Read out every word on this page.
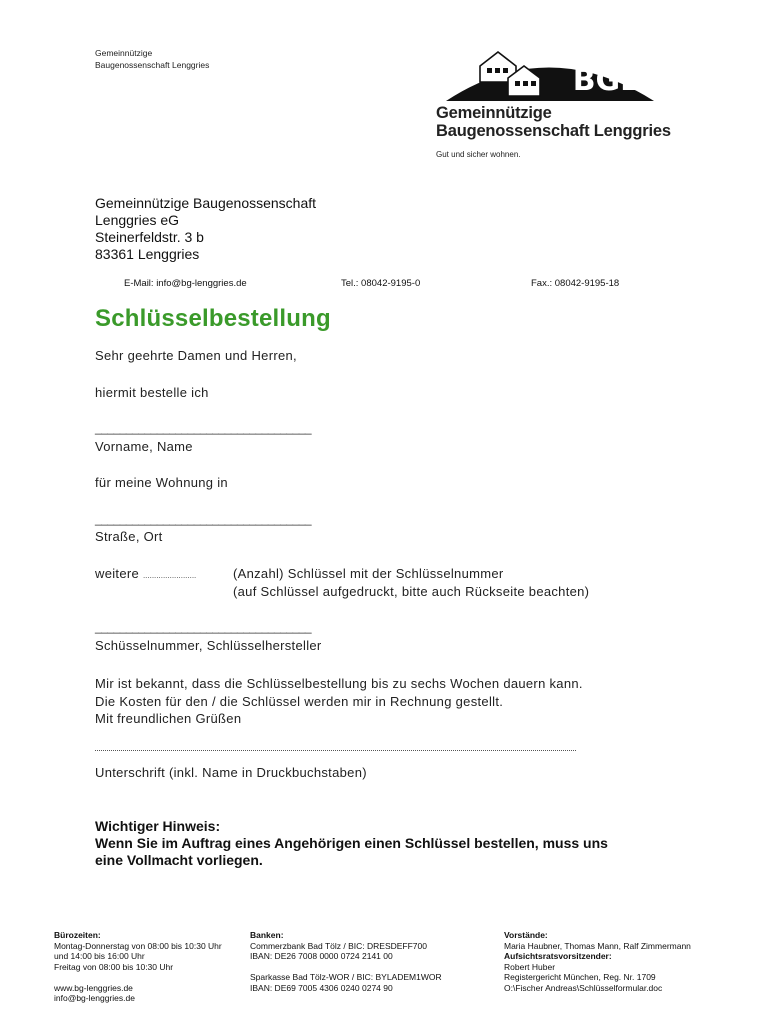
Gemeinnützige
Baugenossenschaft Lenggries	BGL
Gemeinnützige
Baugenossenschaft Lenggries
Gut und sicher wohnen.
Gemeinnützige Baugenossenschaft
Lenggries eG
Steinerfeldstr. 3 b
83361 Lenggries
E-Mail: info@bg-lenggries.de	Tel.: 08042-9195-0	Fax.: 08042-9195-18
Schlüsselbestellung
Sehr geehrte Damen und Herren,
hiermit bestelle ich
___________________________________
Vorname, Name
für meine Wohnung in
___________________________________
Straße, Ort
weitere ........................	(Anzahl) Schlüssel mit der Schlüsselnummer
(auf Schlüssel aufgedruckt, bitte auch Rückseite beachten)
___________________________________
Schüsselnummer, Schlüsselhersteller
Mir ist bekannt, dass die Schlüsselbestellung bis zu sechs Wochen dauern kann.
Die Kosten für den / die Schlüssel werden mir in Rechnung gestellt.
Mit freundlichen Grüßen
Unterschrift (inkl. Name in Druckbuchstaben)
Wichtiger Hinweis:
Wenn Sie im Auftrag eines Angehörigen einen Schlüssel bestellen, muss uns
eine Vollmacht vorliegen.
Bürozeiten:
Montag-Donnerstag von 08:00 bis 10:30 Uhr
und 14:00 bis 16:00 Uhr
Freitag von 08:00 bis 10:30 Uhr
www.bg-lenggries.de
info@bg-lenggries.de
Banken:
Commerzbank Bad Tölz / BIC: DRESDEFF700
IBAN: DE26 7008 0000 0724 2141 00
Sparkasse Bad Tölz-WOR / BIC: BYLADEM1WOR
IBAN: DE69 7005 4306 0240 0274 90
Vorstände:
Maria Haubner, Thomas Mann, Ralf Zimmermann
Aufsichtsratsvorsitzender:
Robert Huber
Registergericht München, Reg. Nr. 1709
O:\Fischer Andreas\Schlüsselformular.doc
